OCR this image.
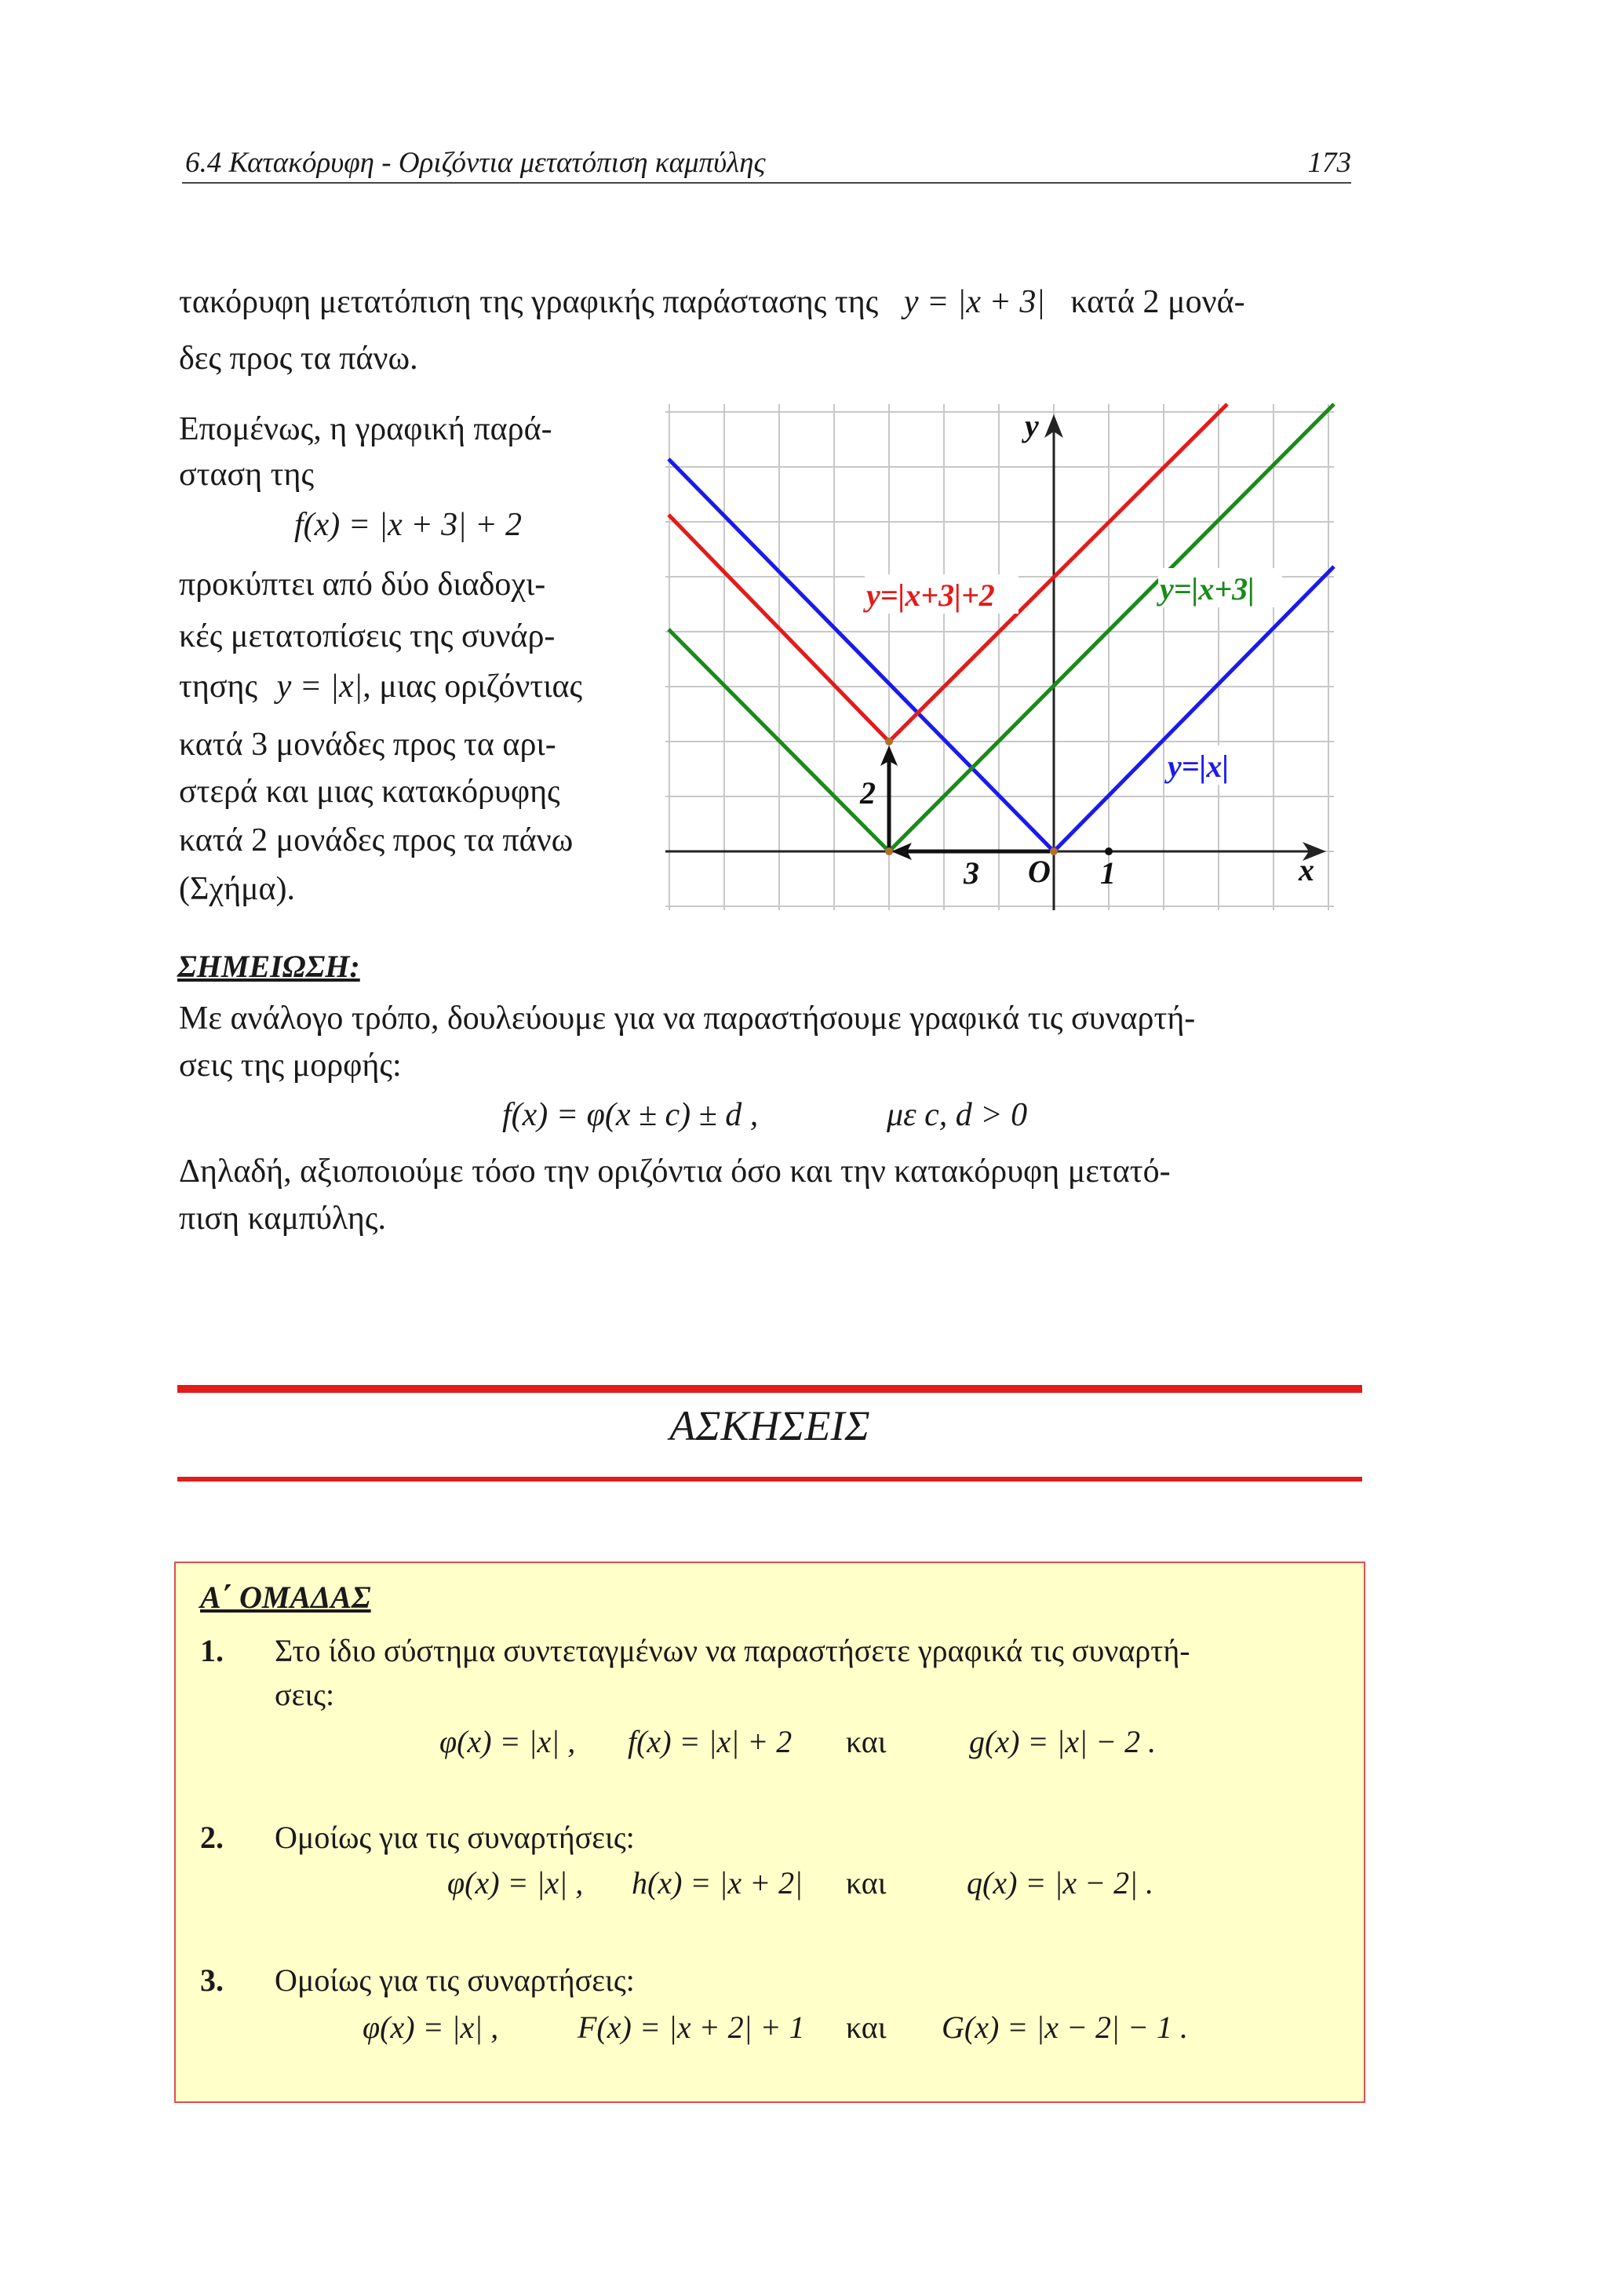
6.4 Κατακόρυφη - Οριζόντια μετατόπιση καμπύλης	173
τακόρυφη μετατόπιση της γραφικής παράστασης της y = |x + 3| κατά 2 μονά-
δες προς τα πάνω.
Επομένως, η γραφική παρά-
σταση της
f(x) = |x + 3| + 2
προκύπτει από δύο διαδοχι-
κές μετατοπίσεις της συνάρ-
τησης y = |x|, μιας οριζόντιας
κατά 3 μονάδες προς τα αρι-
στερά και μιας κατακόρυφης
κατά 2 μονάδες προς τα πάνω
(Σχήμα).
y
x
O 1
3
2
y=|x+3|+2	y=|x+3|
y=|x|
ΣΗΜΕΙΩΣΗ:
Με ανάλογο τρόπο, δουλεύουμε για να παραστήσουμε γραφικά τις συναρτή-
σεις της μορφής:
f(x) = φ(x ± c) ± d ,	με c, d > 0
Δηλαδή, αξιοποιούμε τόσο την οριζόντια όσο και την κατακόρυφη μετατό-
πιση καμπύλης.
ΑΣΚΗΣΕΙΣ
Α΄ ΟΜΑΔΑΣ
1. Στο ίδιο σύστημα συντεταγμένων να παραστήσετε γραφικά τις συναρτή-
σεις:
φ(x) = |x| , f(x) = |x| + 2 και	g(x) = |x| − 2 .
2. Ομοίως για τις συναρτήσεις:
φ(x) = |x| , h(x) = |x + 2| και	q(x) = |x − 2| .
3. Ομοίως για τις συναρτήσεις:
φ(x) = |x| ,	F(x) = |x + 2| + 1 και G(x) = |x − 2| − 1 .
